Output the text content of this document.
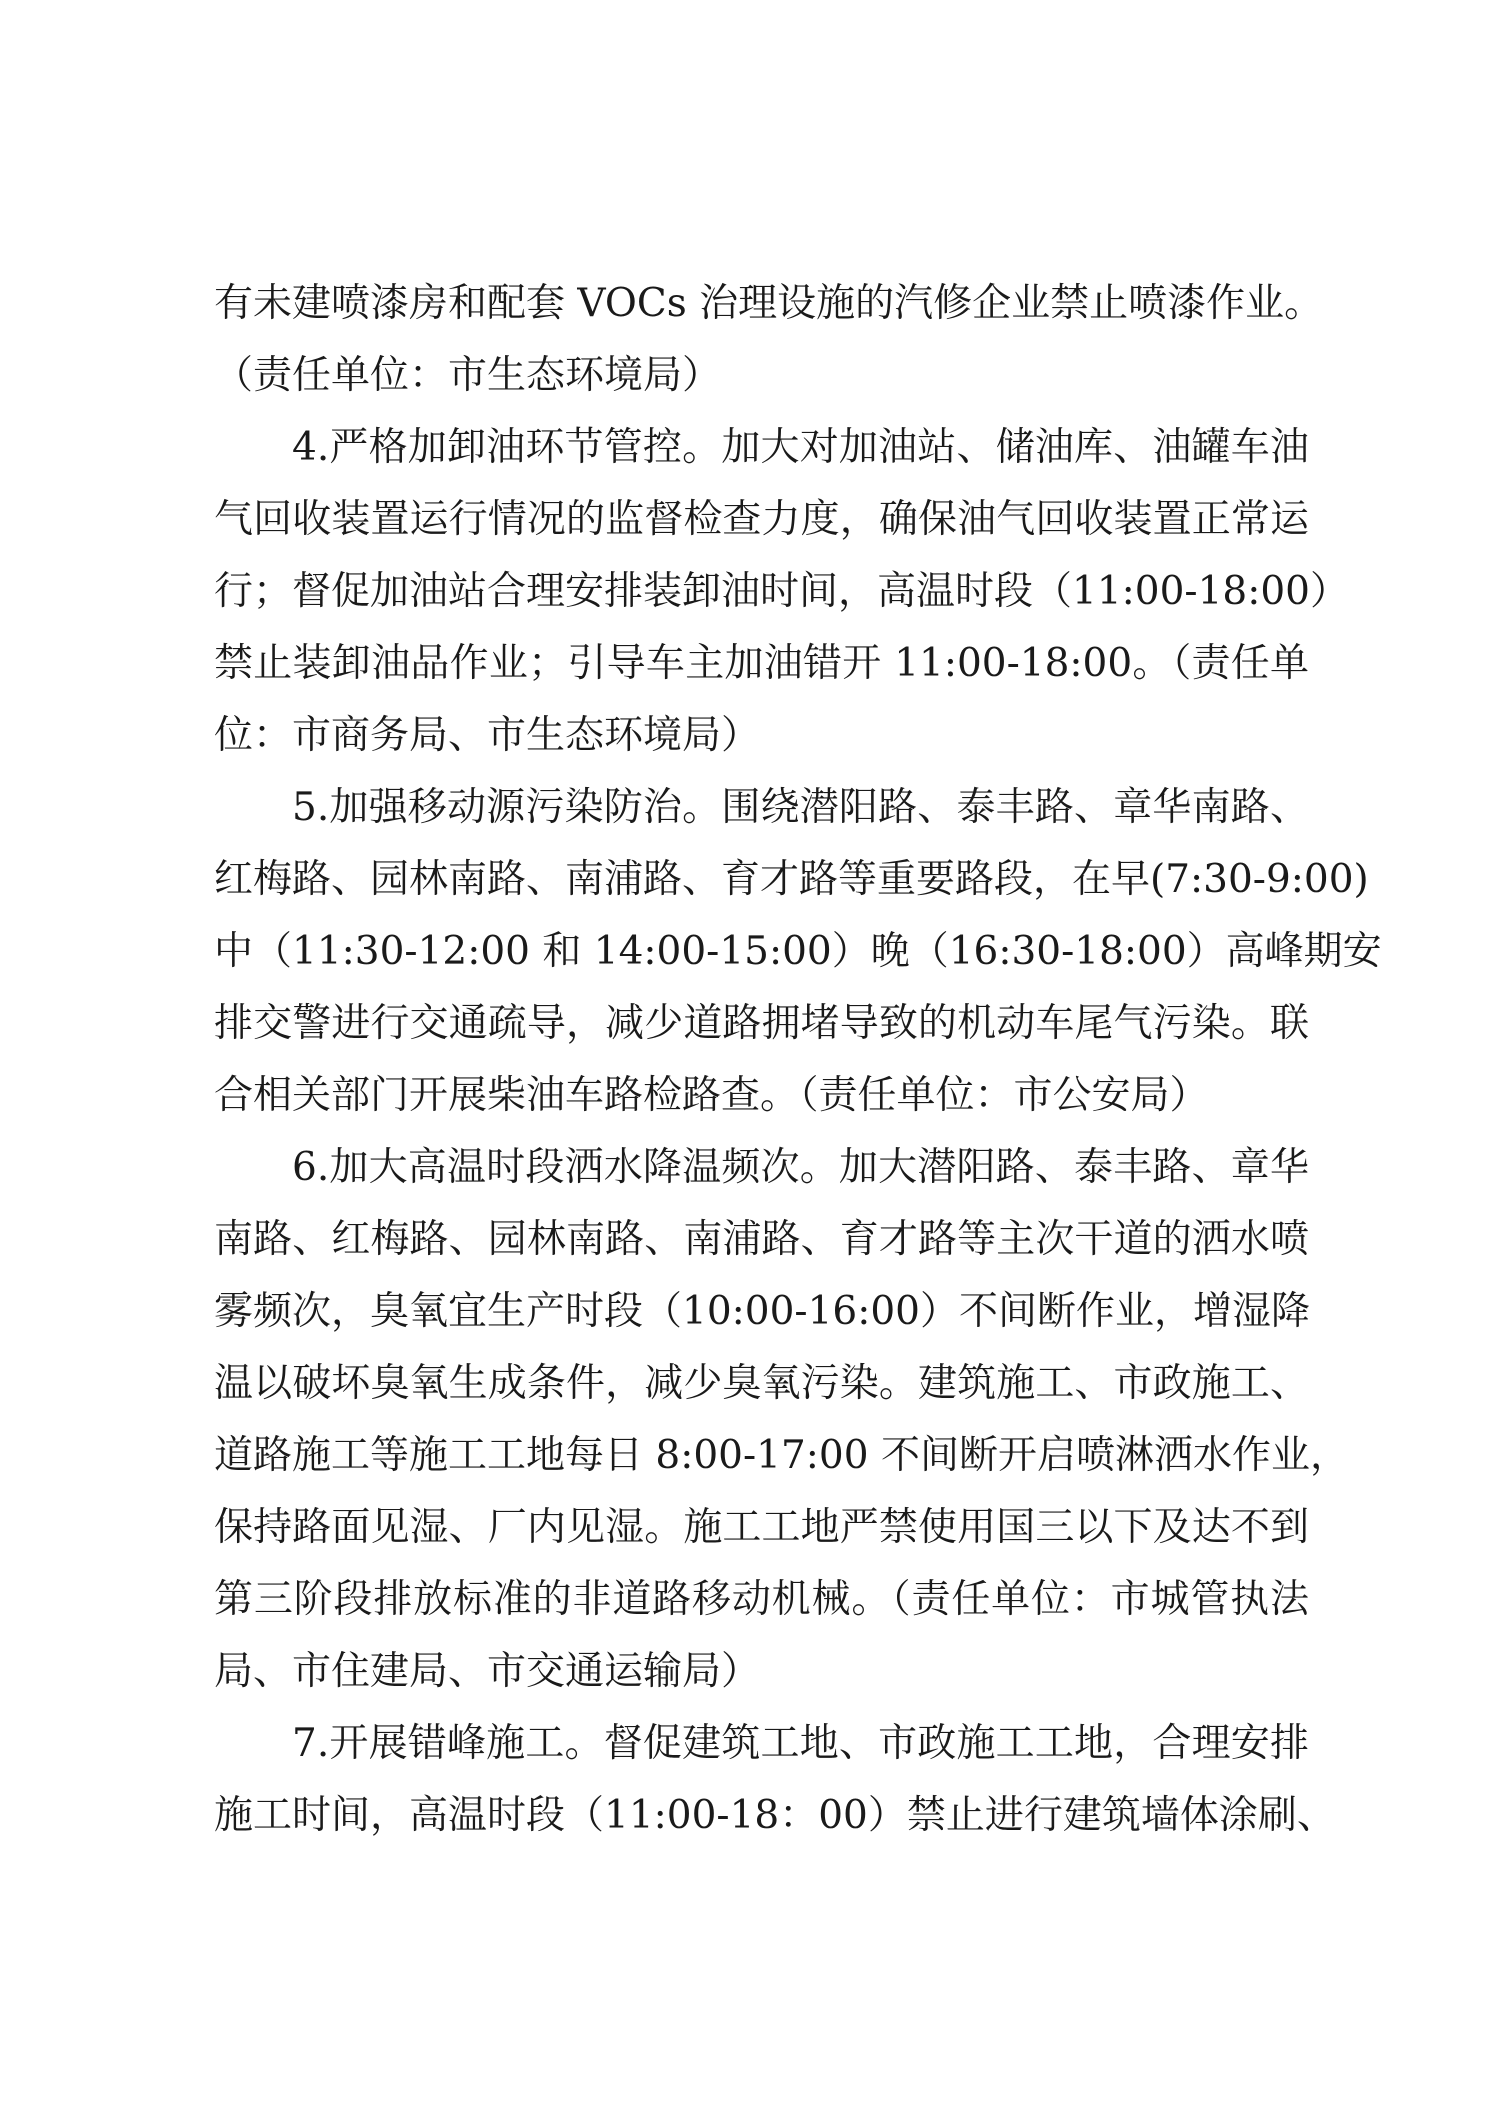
有未建喷漆房和配套 VOCs 治理设施的汽修企业禁止喷漆作业。
（责任单位：市生态环境局）
4.严格加卸油环节管控。加大对加油站、储油库、油罐车油
气回收装置运行情况的监督检查力度，确保油气回收装置正常运
行；督促加油站合理安排装卸油时间，高温时段（11:00-18:00）
禁止装卸油品作业；引导车主加油错开 11:00-18:00。（责任单
位：市商务局、市生态环境局）
5.加强移动源污染防治。围绕潜阳路、泰丰路、章华南路、
红梅路、园林南路、南浦路、育才路等重要路段，在早(7:30-9:00)
中（11:30-12:00 和 14:00-15:00）晚（16:30-18:00）高峰期安
排交警进行交通疏导，减少道路拥堵导致的机动车尾气污染。联
合相关部门开展柴油车路检路查。（责任单位：市公安局）
6.加大高温时段洒水降温频次。加大潜阳路、泰丰路、章华
南路、红梅路、园林南路、南浦路、育才路等主次干道的洒水喷
雾频次，臭氧宜生产时段（10:00-16:00）不间断作业，增湿降
温以破坏臭氧生成条件，减少臭氧污染。建筑施工、市政施工、
道路施工等施工工地每日 8:00-17:00 不间断开启喷淋洒水作业，
保持路面见湿、厂内见湿。施工工地严禁使用国三以下及达不到
第三阶段排放标准的非道路移动机械。（责任单位：市城管执法
局、市住建局、市交通运输局）
7.开展错峰施工。督促建筑工地、市政施工工地，合理安排
施工时间，高温时段（11:00-18：00）禁止进行建筑墙体涂刷、
